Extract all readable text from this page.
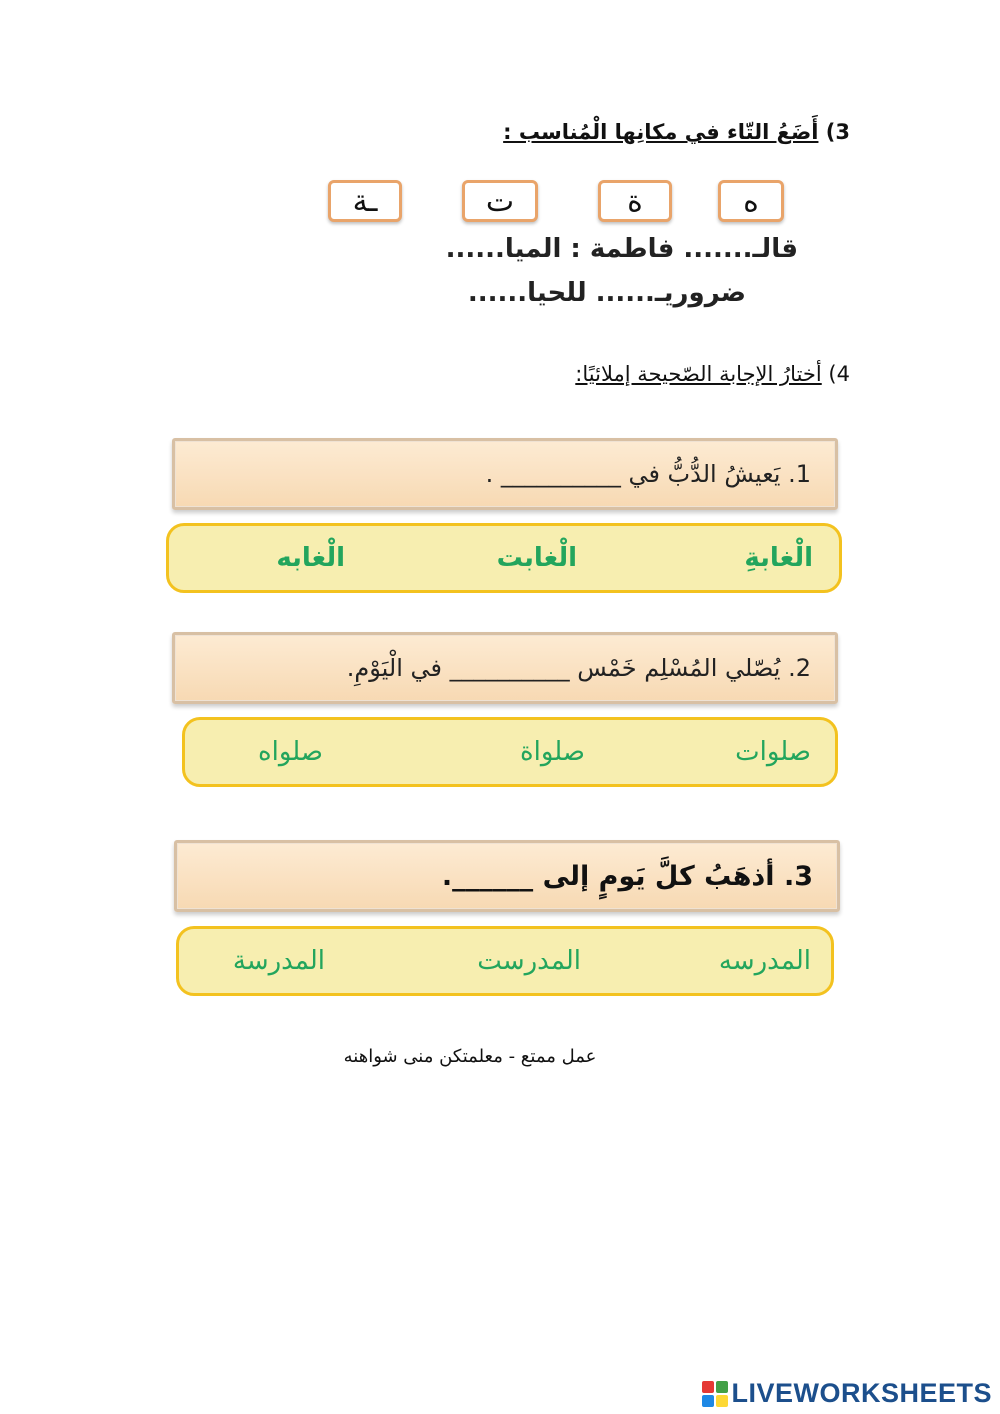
3) أَضَعُ التّاء في مكانِها الْمُناسب :
ـة	ت	ة	ه
قالـ....... فاطمة : الميا......
ضروريـ...... للحيا......
4) أختارُ الإجابة الصّحيحة إملائيًا:
1. يَعيشُ الدُّبُّ في __________ .
الْغابةِ
الْغابت
الْغابه
2. يُصّلي المُسْلِم خَمْس __________ في الْيَوْمِ.
صلوات
صلواة
صلواه
3. أذهَبُ كلَّ يَومٍ إلى ______.
المدرسه
المدرست
المدرسة
عمل ممتع - معلمتكن منى شواهنه
LIVEWORKSHEETS
